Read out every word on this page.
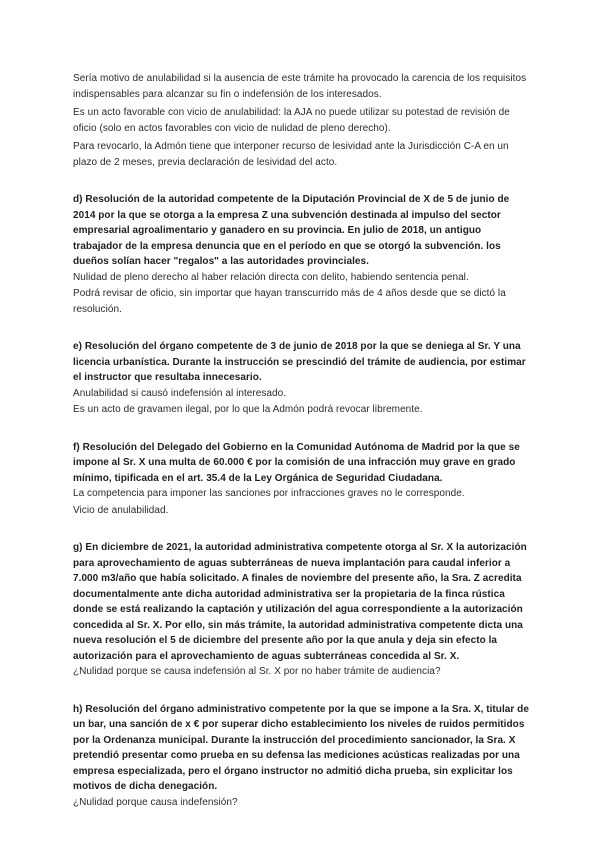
Sería motivo de anulabilidad si la ausencia de este trámite ha provocado la carencia de los requisitos indispensables para alcanzar su fin o indefensión de los interesados.

Es un acto favorable con vicio de anulabilidad: la AJA no puede utilizar su potestad de revisión de oficio (solo en actos favorables con vicio de nulidad de pleno derecho).

Para revocarlo, la Admón tiene que interponer recurso de lesividad ante la Jurisdicción C-A en un plazo de 2 meses, previa declaración de lesividad del acto.

d) Resolución de la autoridad competente de la Diputación Provincial de X de 5 de junio de 2014 por la que se otorga a la empresa Z una subvención destinada al impulso del sector empresarial agroalimentario y ganadero en su provincia. En julio de 2018, un antiguo trabajador de la empresa denuncia que en el período en que se otorgó la subvención. los dueños solían hacer "regalos" a las autoridades provinciales.

Nulidad de pleno derecho al haber relación directa con delito, habiendo sentencia penal.

Podrá revisar de oficio, sin importar que hayan transcurrido más de 4 años desde que se dictó la resolución.

e) Resolución del órgano competente de 3 de junio de 2018 por la que se deniega al Sr. Y una licencia urbanística. Durante la instrucción se prescindió del trámite de audiencia, por estimar el instructor que resultaba innecesario.

Anulabilidad si causó indefensión al interesado.

Es un acto de gravamen ilegal, por lo que la Admón podrá revocar libremente.

f) Resolución del Delegado del Gobierno en la Comunidad Autónoma de Madrid por la que se impone al Sr. X una multa de 60.000 € por la comisión de una infracción muy grave en grado mínimo, tipificada en el art. 35.4 de la Ley Orgánica de Seguridad Ciudadana.

La competencia para imponer las sanciones por infracciones graves no le corresponde.

Vicio de anulabilidad.

g) En diciembre de 2021, la autoridad administrativa competente otorga al Sr. X la autorización para aprovechamiento de aguas subterráneas de nueva implantación para caudal inferior a 7.000 m3/año que había solicitado. A finales de noviembre del presente año, la Sra. Z acredita documentalmente ante dicha autoridad administrativa ser la propietaria de la finca rústica donde se está realizando la captación y utilización del agua correspondiente a la autorización concedida al Sr. X. Por ello, sin más trámite, la autoridad administrativa competente dicta una nueva resolución el 5 de diciembre del presente año por la que anula y deja sin efecto la autorización para el aprovechamiento de aguas subterráneas concedida al Sr. X.

¿Nulidad porque se causa indefensión al Sr. X por no haber trámite de audiencia?

h) Resolución del órgano administrativo competente por la que se impone a la Sra. X, titular de un bar, una sanción de x € por superar dicho establecimiento los niveles de ruidos permitidos por la Ordenanza municipal. Durante la instrucción del procedimiento sancionador, la Sra. X pretendió presentar como prueba en su defensa las mediciones acústicas realizadas por una empresa especializada, pero el órgano instructor no admitió dicha prueba, sin explicitar los motivos de dicha denegación.

¿Nulidad porque causa indefensión?
